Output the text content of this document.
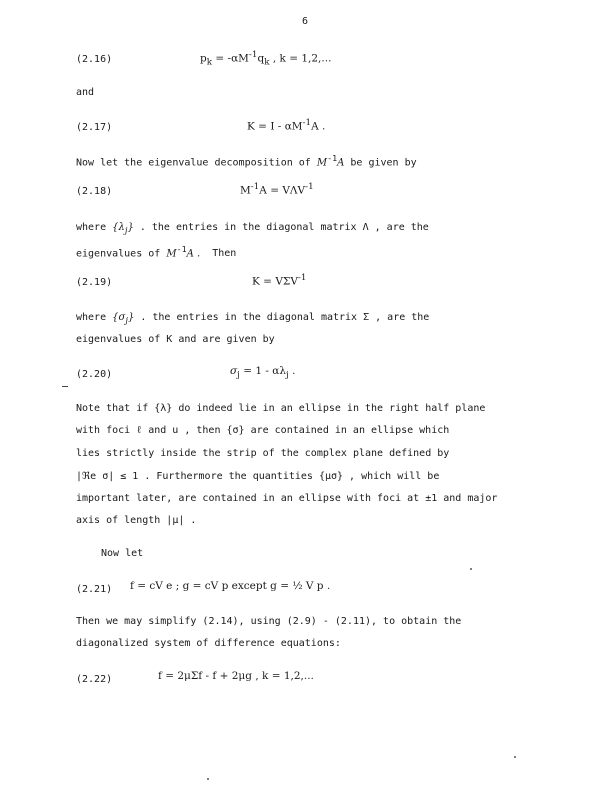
6
(2.16)	$p_k = -\alpha M^{-1}q_k$ , k = 1,2,...
and
(2.17)	$K = I - \alpha M^{-1}A$ .
Now let the eigenvalue decomposition of $M^{-1}A$ be given by
(2.18)	$M^{-1}A = V\Lambda V^{-1}$
where $\{\lambda_j\}$ . the entries in the diagonal matrix Λ , are the
eigenvalues of $M^{-1}A$ . Then
(2.19)	$K = V\Sigma V^{-1}$
where $\{\sigma_j\}$ . the entries in the diagonal matrix Σ , are the
eigenvalues of K and are given by
(2.20)	$\sigma_j = 1 - \alpha\lambda_j$ .
Note that if {λ} do indeed lie in an ellipse in the right half plane
with foci ℓ and u , then {σ} are contained in an ellipse which
lies strictly inside the strip of the complex plane defined by
|ℜe σ| ≤ 1 . Furthermore the quantities {μσ} , which will be
important later, are contained in an ellipse with foci at ±1 and major
axis of length |μ| .
Now let
(2.21) f = cV e ; g = cV p except g = ½ V p .
Then we may simplify (2.14), using (2.9) - (2.11), to obtain the
diagonalized system of difference equations:
(2.22)	f = 2μΣf - f + 2μg , k = 1,2,...
